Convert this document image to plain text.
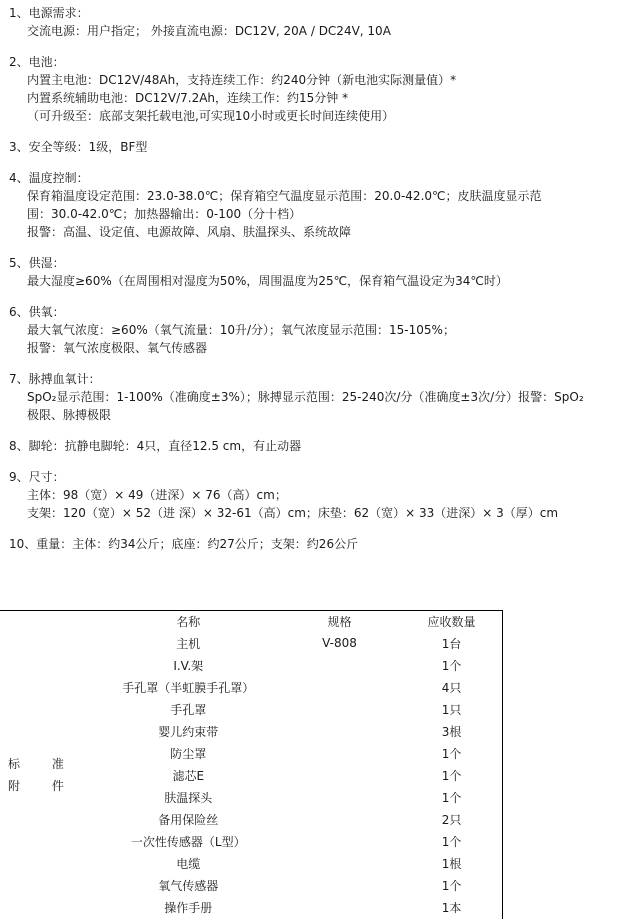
1、电源需求：
交流电源：用户指定； 外接直流电源：DC12V, 20A / DC24V, 10A
2、电池：
内置主电池：DC12V/48Ah，支持连续工作：约240分钟（新电池实际测量值）*
内置系统辅助电池：DC12V/7.2Ah，连续工作：约15分钟 *
（可升级至：底部支架托载电池,可实现10小时或更长时间连续使用）
3、安全等级：1级，BF型
4、温度控制：
保育箱温度设定范围：23.0-38.0℃；保育箱空气温度显示范围：20.0-42.0℃；皮肤温度显示范
围：30.0-42.0℃；加热器输出：0-100（分十档）
报警：高温、设定值、电源故障、风扇、肤温探头、系统故障
5、供湿：
最大湿度≥60%（在周围相对湿度为50%，周围温度为25℃，保育箱气温设定为34℃时）
6、供氧：
最大氧气浓度：≥60%（氧气流量：10升/分）；氧气浓度显示范围：15-105%；
报警：氧气浓度极限、氧气传感器
7、脉搏血氧计：
SpO₂显示范围：1-100%（准确度±3%）；脉搏显示范围：25-240次/分（准确度±3次/分）报警：SpO₂
极限、脉搏极限
8、脚轮：抗静电脚轮：4只，直径12.5 cm，有止动器
9、尺寸：
主体：98（宽）× 49（进深）× 76（高）cm；
支架：120（宽）× 52（进 深）× 32-61（高）cm；床垫：62（宽）× 33（进深）× 3（厚）cm
10、重量：主体：约34公斤；底座：约27公斤；支架：约26公斤
	名称	规格	应收数量

标 准
附 件	主机	V-808	1台
	I.V.架		1个
	手孔罩（半虹膜手孔罩）		4只
	手孔罩		1只
	婴儿约束带		3根
	防尘罩		1个
	滤芯E		1个
	肤温探头		1个
	备用保险丝		2只
	一次性传感器（L型）		1个
	电缆		1根
	氧气传感器		1个
	操作手册		1本
